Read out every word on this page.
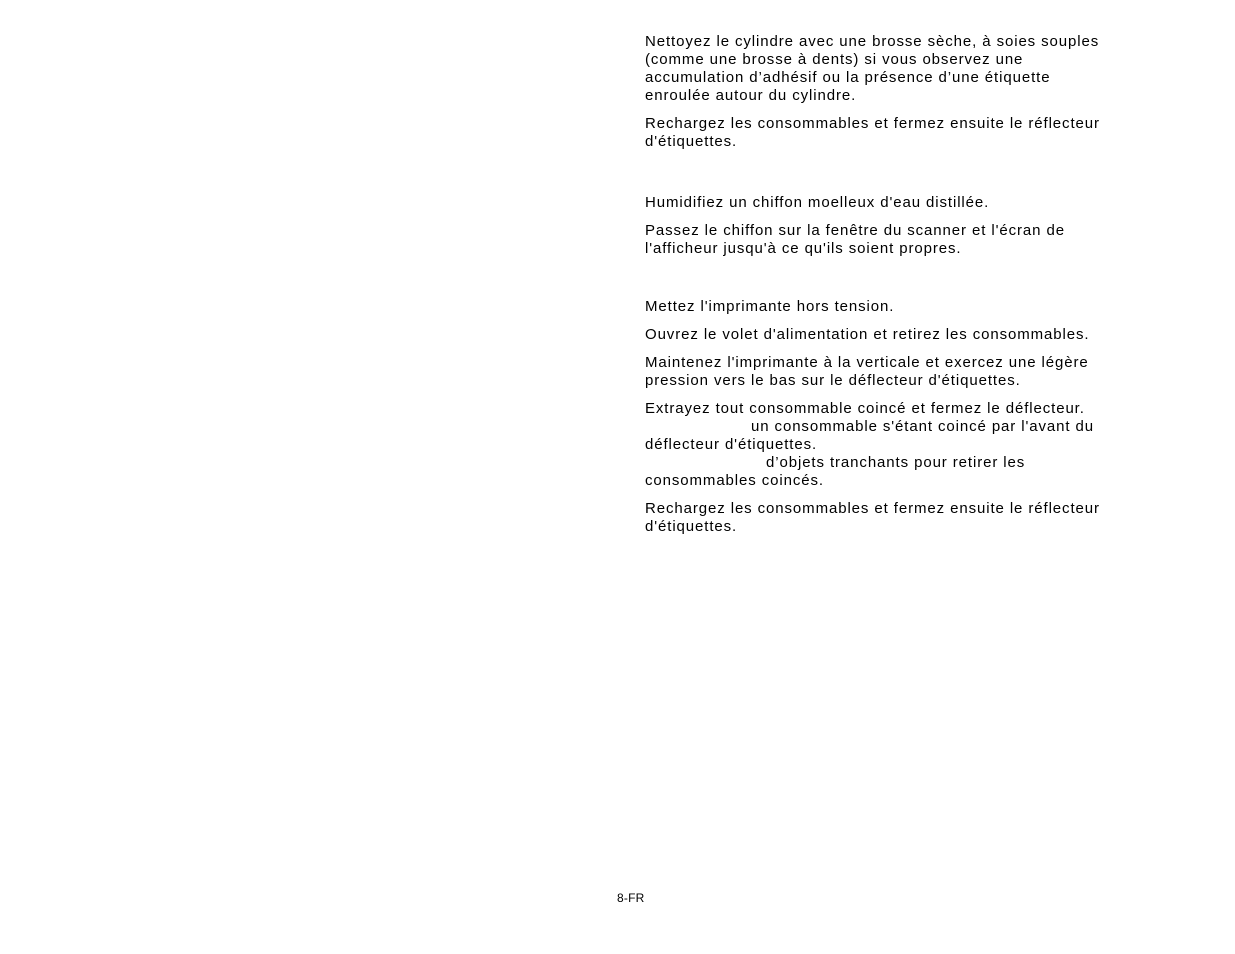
Nettoyez le cylindre avec une brosse sèche, à soies souples
(comme une brosse à dents) si vous observez une
accumulation d’adhésif ou la présence d’une étiquette
enroulée autour du cylindre.

Rechargez les consommables et fermez ensuite le réflecteur
d'étiquettes.

Humidifiez un chiffon moelleux d'eau distillée.

Passez le chiffon sur la fenêtre du scanner et l'écran de
l'afficheur jusqu'à ce qu'ils soient propres.

Mettez l'imprimante hors tension.

Ouvrez le volet d'alimentation et retirez les consommables.

Maintenez l'imprimante à la verticale et exercez une légère
pression vers le bas sur le déflecteur d'étiquettes.

Extrayez tout consommable coincé et fermez le déflecteur.
un consommable s'étant coincé par l'avant du
déflecteur d'étiquettes.
d’objets tranchants pour retirer les
consommables coincés.

Rechargez les consommables et fermez ensuite le réflecteur
d'étiquettes.

8-FR
